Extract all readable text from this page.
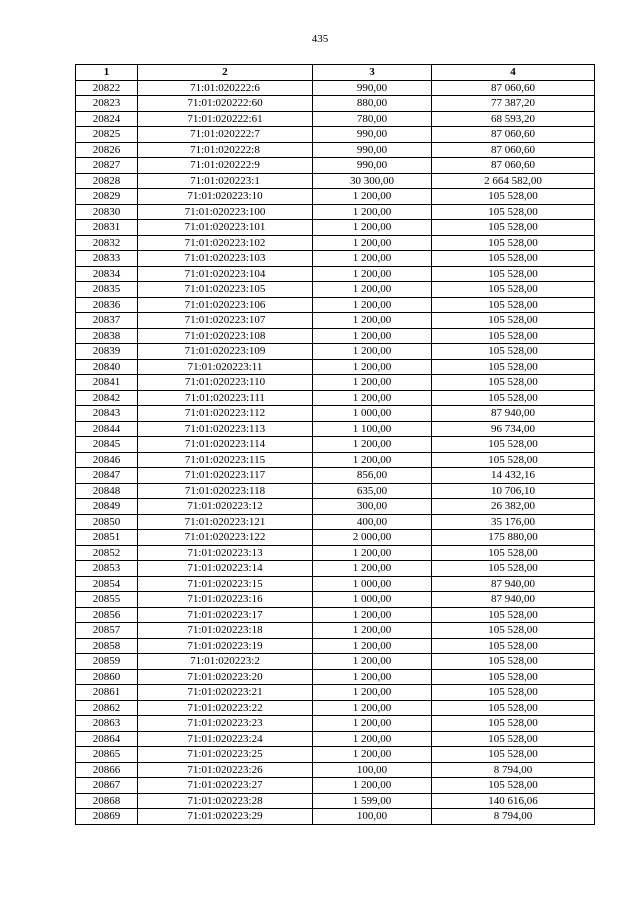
435
1	2	3	4
20822	71:01:020222:6	990,00	87 060,60
20823	71:01:020222:60	880,00	77 387,20
20824	71:01:020222:61	780,00	68 593,20
20825	71:01:020222:7	990,00	87 060,60
20826	71:01:020222:8	990,00	87 060,60
20827	71:01:020222:9	990,00	87 060,60
20828	71:01:020223:1	30 300,00	2 664 582,00
20829	71:01:020223:10	1 200,00	105 528,00
20830	71:01:020223:100	1 200,00	105 528,00
20831	71:01:020223:101	1 200,00	105 528,00
20832	71:01:020223:102	1 200,00	105 528,00
20833	71:01:020223:103	1 200,00	105 528,00
20834	71:01:020223:104	1 200,00	105 528,00
20835	71:01:020223:105	1 200,00	105 528,00
20836	71:01:020223:106	1 200,00	105 528,00
20837	71:01:020223:107	1 200,00	105 528,00
20838	71:01:020223:108	1 200,00	105 528,00
20839	71:01:020223:109	1 200,00	105 528,00
20840	71:01:020223:11	1 200,00	105 528,00
20841	71:01:020223:110	1 200,00	105 528,00
20842	71:01:020223:111	1 200,00	105 528,00
20843	71:01:020223:112	1 000,00	87 940,00
20844	71:01:020223:113	1 100,00	96 734,00
20845	71:01:020223:114	1 200,00	105 528,00
20846	71:01:020223:115	1 200,00	105 528,00
20847	71:01:020223:117	856,00	14 432,16
20848	71:01:020223:118	635,00	10 706,10
20849	71:01:020223:12	300,00	26 382,00
20850	71:01:020223:121	400,00	35 176,00
20851	71:01:020223:122	2 000,00	175 880,00
20852	71:01:020223:13	1 200,00	105 528,00
20853	71:01:020223:14	1 200,00	105 528,00
20854	71:01:020223:15	1 000,00	87 940,00
20855	71:01:020223:16	1 000,00	87 940,00
20856	71:01:020223:17	1 200,00	105 528,00
20857	71:01:020223:18	1 200,00	105 528,00
20858	71:01:020223:19	1 200,00	105 528,00
20859	71:01:020223:2	1 200,00	105 528,00
20860	71:01:020223:20	1 200,00	105 528,00
20861	71:01:020223:21	1 200,00	105 528,00
20862	71:01:020223:22	1 200,00	105 528,00
20863	71:01:020223:23	1 200,00	105 528,00
20864	71:01:020223:24	1 200,00	105 528,00
20865	71:01:020223:25	1 200,00	105 528,00
20866	71:01:020223:26	100,00	8 794,00
20867	71:01:020223:27	1 200,00	105 528,00
20868	71:01:020223:28	1 599,00	140 616,06
20869	71:01:020223:29	100,00	8 794,00
